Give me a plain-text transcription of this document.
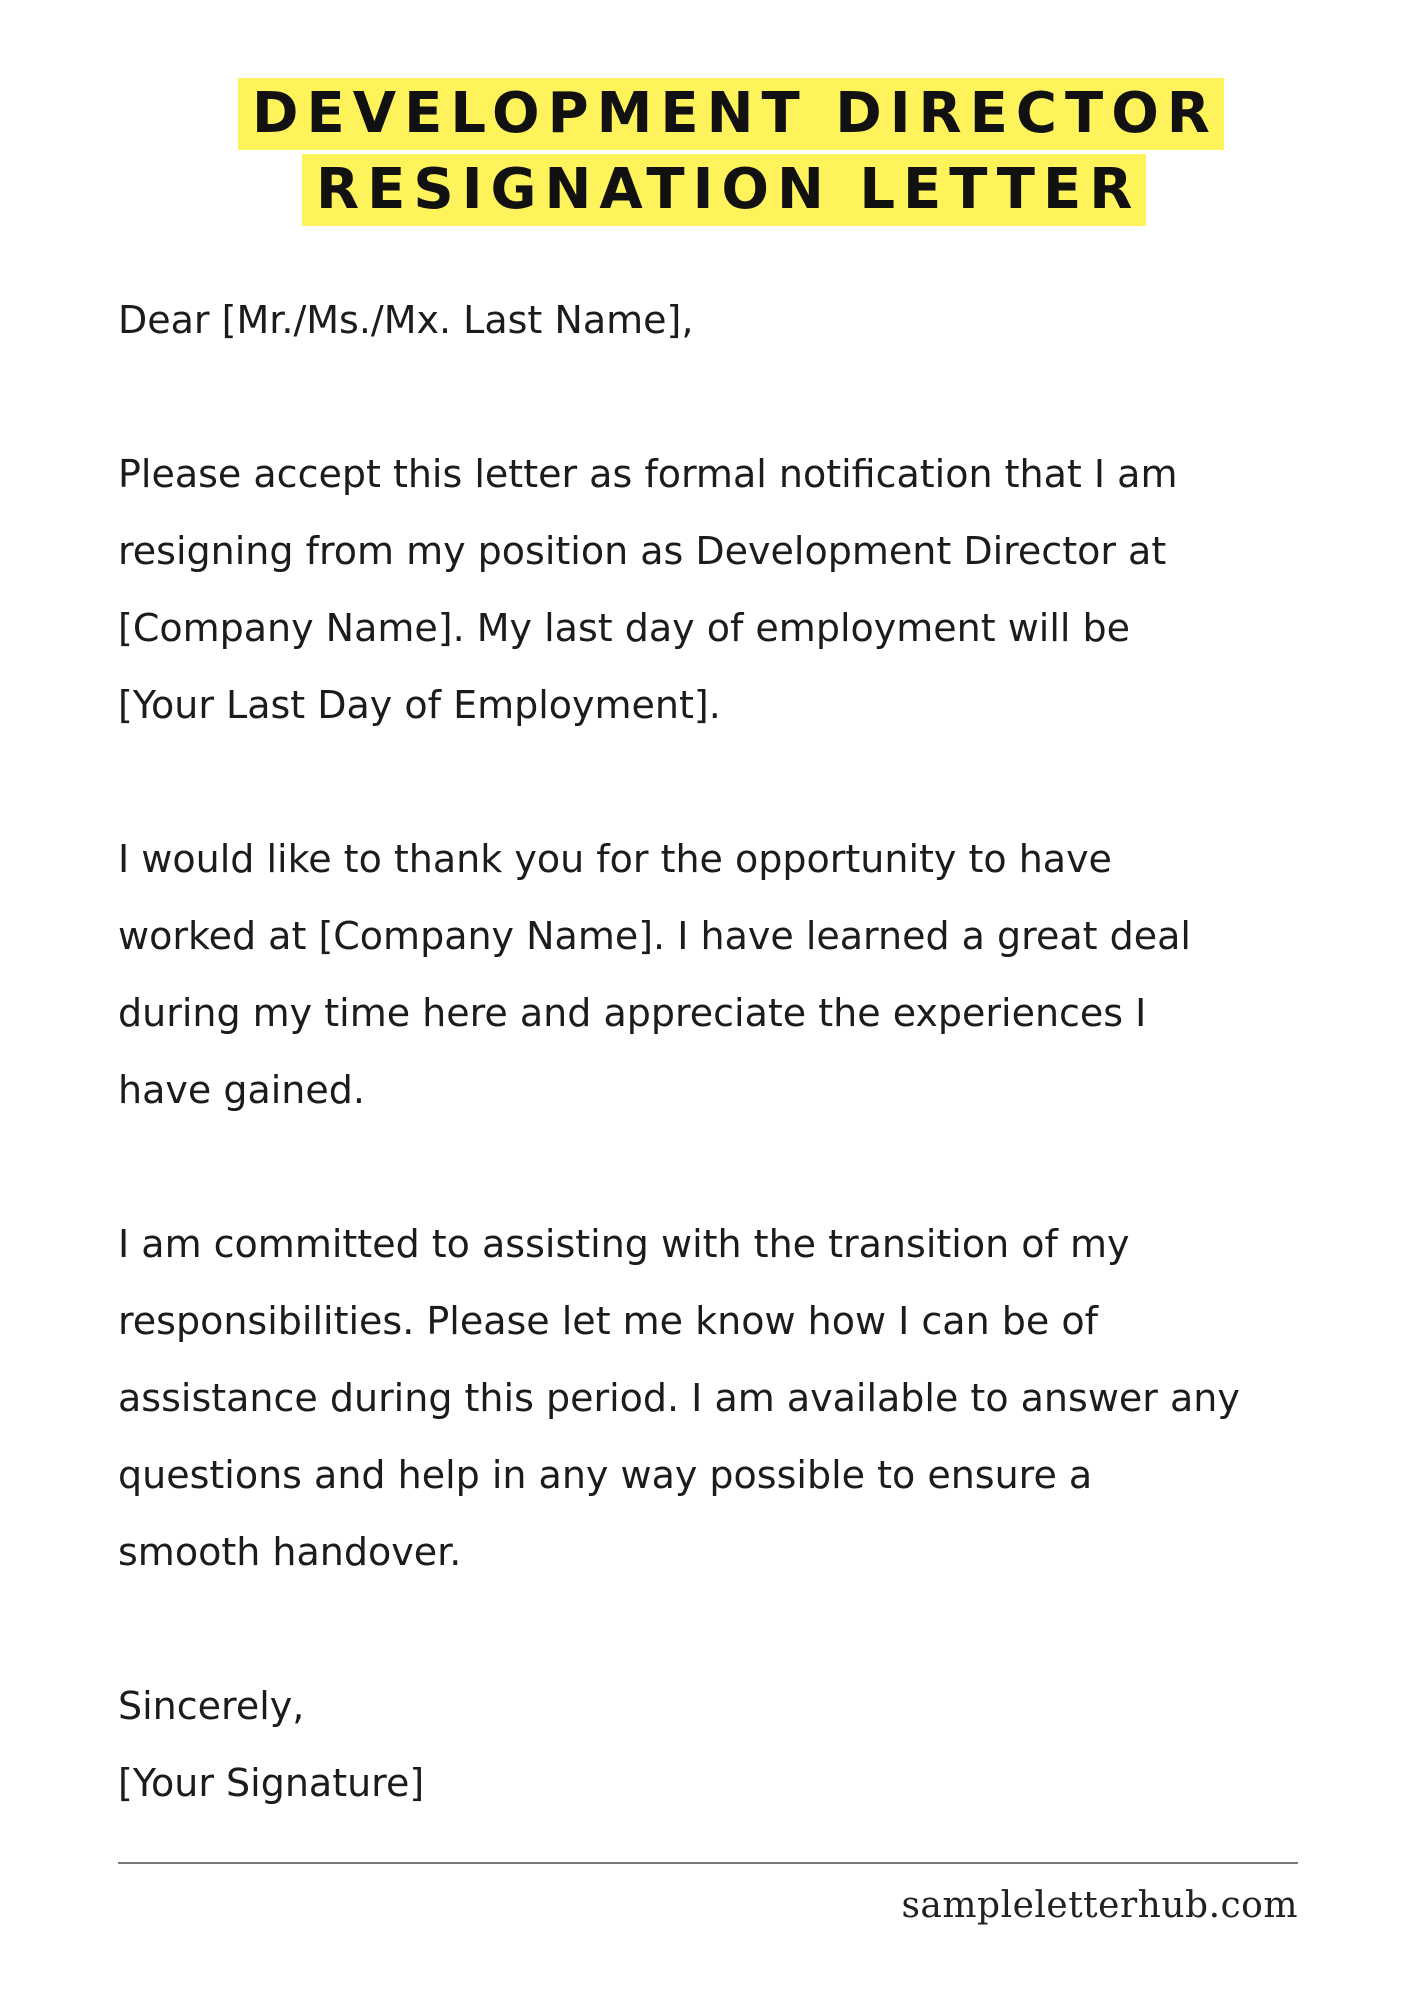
DEVELOPMENT DIRECTOR
RESIGNATION LETTER
Dear [Mr./Ms./Mx. Last Name],
Please accept this letter as formal notification that I am
resigning from my position as Development Director at
[Company Name]. My last day of employment will be
[Your Last Day of Employment].
I would like to thank you for the opportunity to have
worked at [Company Name]. I have learned a great deal
during my time here and appreciate the experiences I
have gained.
I am committed to assisting with the transition of my
responsibilities. Please let me know how I can be of
assistance during this period. I am available to answer any
questions and help in any way possible to ensure a
smooth handover.
Sincerely,
[Your Signature]
sampleletterhub.com
